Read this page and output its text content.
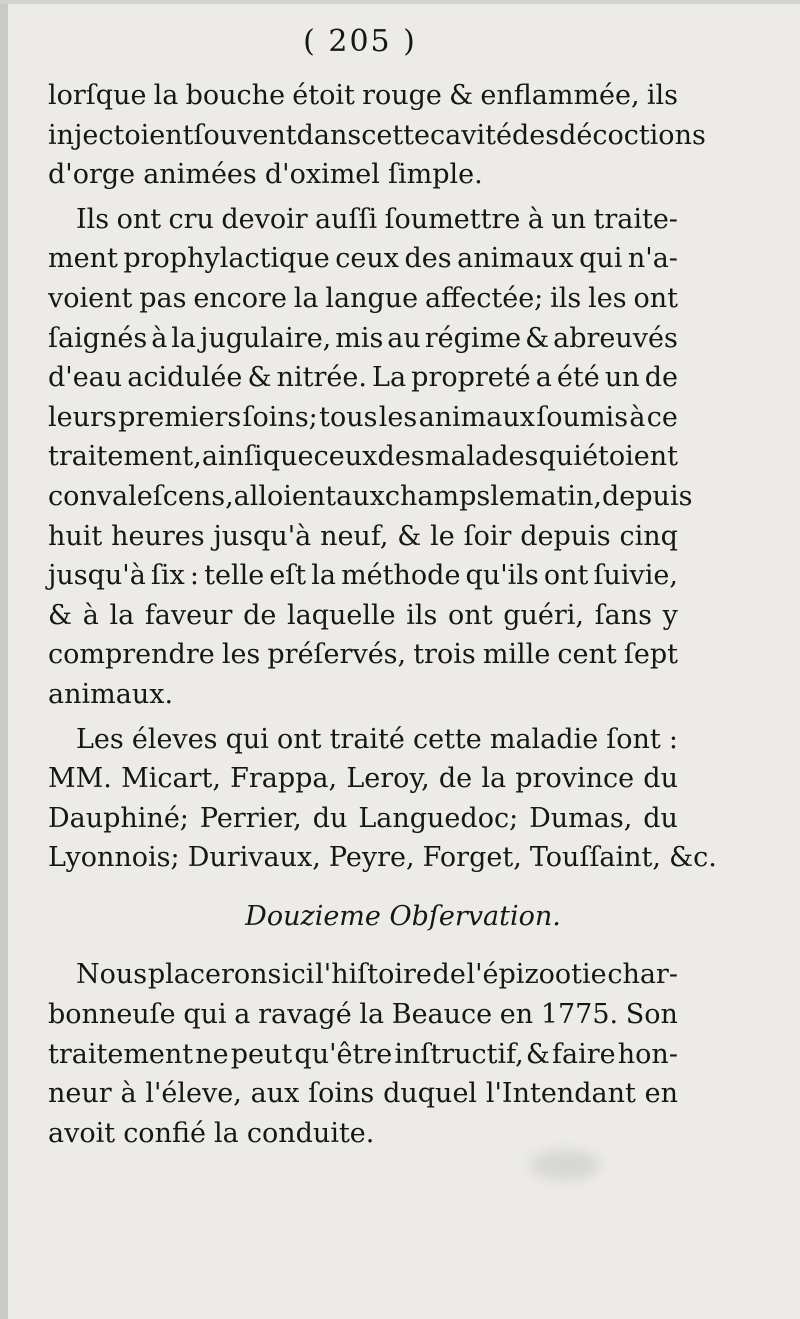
( 205 )
lorſque la bouche étoit rouge & enflammée, ils
injectoient ſouvent dans cette cavité des décoctions
d'orge animées d'oximel ſimple.
Ils ont cru devoir auſſi ſoumettre à un traite-
ment prophylactique ceux des animaux qui n'a-
voient pas encore la langue affectée; ils les ont
ſaignés à la jugulaire, mis au régime & abreuvés
d'eau acidulée & nitrée. La propreté a été un de
leurs premiers ſoins; tous les animaux ſoumis à ce
traitement, ainſi que ceux des malades qui étoient
convaleſcens, alloient aux champs le matin, depuis
huit heures jusqu'à neuf, & le ſoir depuis cinq
jusqu'à ſix : telle eſt la méthode qu'ils ont ſuivie,
& à la faveur de laquelle ils ont guéri, ſans y
comprendre les préſervés, trois mille cent ſept
animaux.
Les éleves qui ont traité cette maladie ſont :
MM. Micart, Frappa, Leroy, de la province du
Dauphiné; Perrier, du Languedoc; Dumas, du
Lyonnois; Durivaux, Peyre, Forget, Touſſaint, &c.
Douzieme Obſervation.
Nous placerons ici l'hiſtoire de l'épizootie char-
bonneuſe qui a ravagé la Beauce en 1775. Son
traitement ne peut qu'être inſtructif, & faire hon-
neur à l'éleve, aux ſoins duquel l'Intendant en
avoit confié la conduite.
